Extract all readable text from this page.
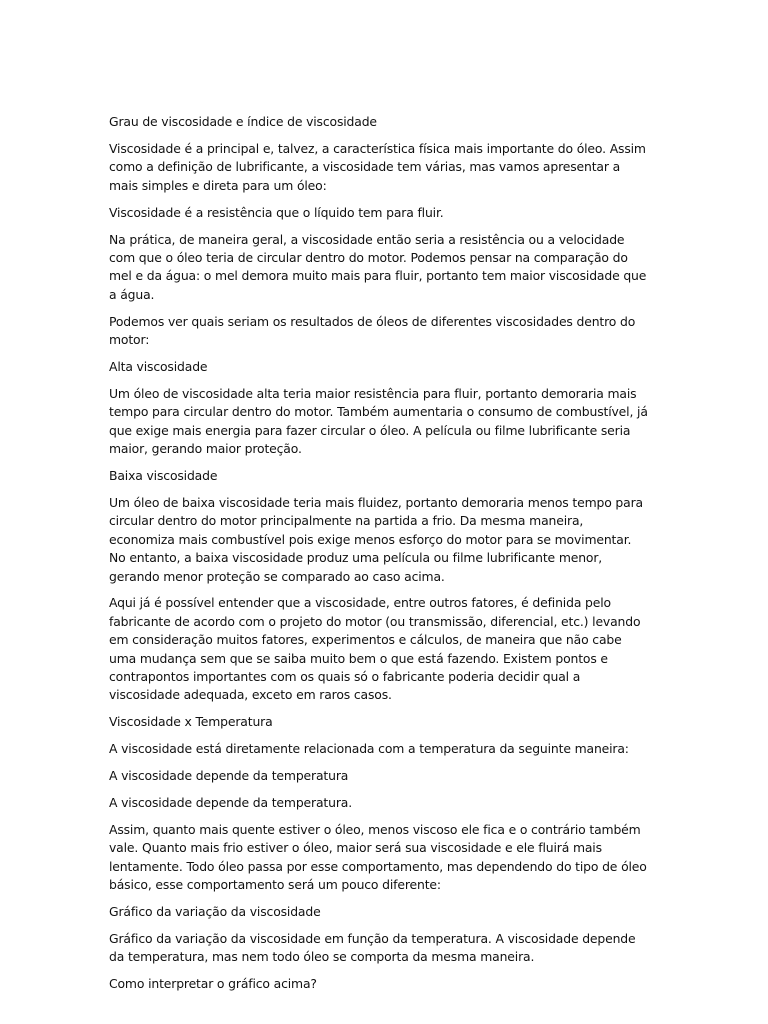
Grau de viscosidade e índice de viscosidade

Viscosidade é a principal e, talvez, a característica física mais importante do óleo. Assim como a definição de lubrificante, a viscosidade tem várias, mas vamos apresentar a mais simples e direta para um óleo:

Viscosidade é a resistência que o líquido tem para fluir.

Na prática, de maneira geral, a viscosidade então seria a resistência ou a velocidade com que o óleo teria de circular dentro do motor. Podemos pensar na comparação do mel e da água: o mel demora muito mais para fluir, portanto tem maior viscosidade que a água.

Podemos ver quais seriam os resultados de óleos de diferentes viscosidades dentro do motor:

Alta viscosidade

Um óleo de viscosidade alta teria maior resistência para fluir, portanto demoraria mais tempo para circular dentro do motor. Também aumentaria o consumo de combustível, já que exige mais energia para fazer circular o óleo. A película ou filme lubrificante seria maior, gerando maior proteção.

Baixa viscosidade

Um óleo de baixa viscosidade teria mais fluidez, portanto demoraria menos tempo para circular dentro do motor principalmente na partida a frio. Da mesma maneira, economiza mais combustível pois exige menos esforço do motor para se movimentar. No entanto, a baixa viscosidade produz uma película ou filme lubrificante menor, gerando menor proteção se comparado ao caso acima.

Aqui já é possível entender que a viscosidade, entre outros fatores, é definida pelo fabricante de acordo com o projeto do motor (ou transmissão, diferencial, etc.) levando em consideração muitos fatores, experimentos e cálculos, de maneira que não cabe uma mudança sem que se saiba muito bem o que está fazendo. Existem pontos e contrapontos importantes com os quais só o fabricante poderia decidir qual a viscosidade adequada, exceto em raros casos.

Viscosidade x Temperatura

A viscosidade está diretamente relacionada com a temperatura da seguinte maneira:

A viscosidade depende da temperatura

A viscosidade depende da temperatura.

Assim, quanto mais quente estiver o óleo, menos viscoso ele fica e o contrário também vale. Quanto mais frio estiver o óleo, maior será sua viscosidade e ele fluirá mais lentamente. Todo óleo passa por esse comportamento, mas dependendo do tipo de óleo básico, esse comportamento será um pouco diferente:

Gráfico da variação da viscosidade

Gráfico da variação da viscosidade em função da temperatura. A viscosidade depende da temperatura, mas nem todo óleo se comporta da mesma maneira.

Como interpretar o gráfico acima?
